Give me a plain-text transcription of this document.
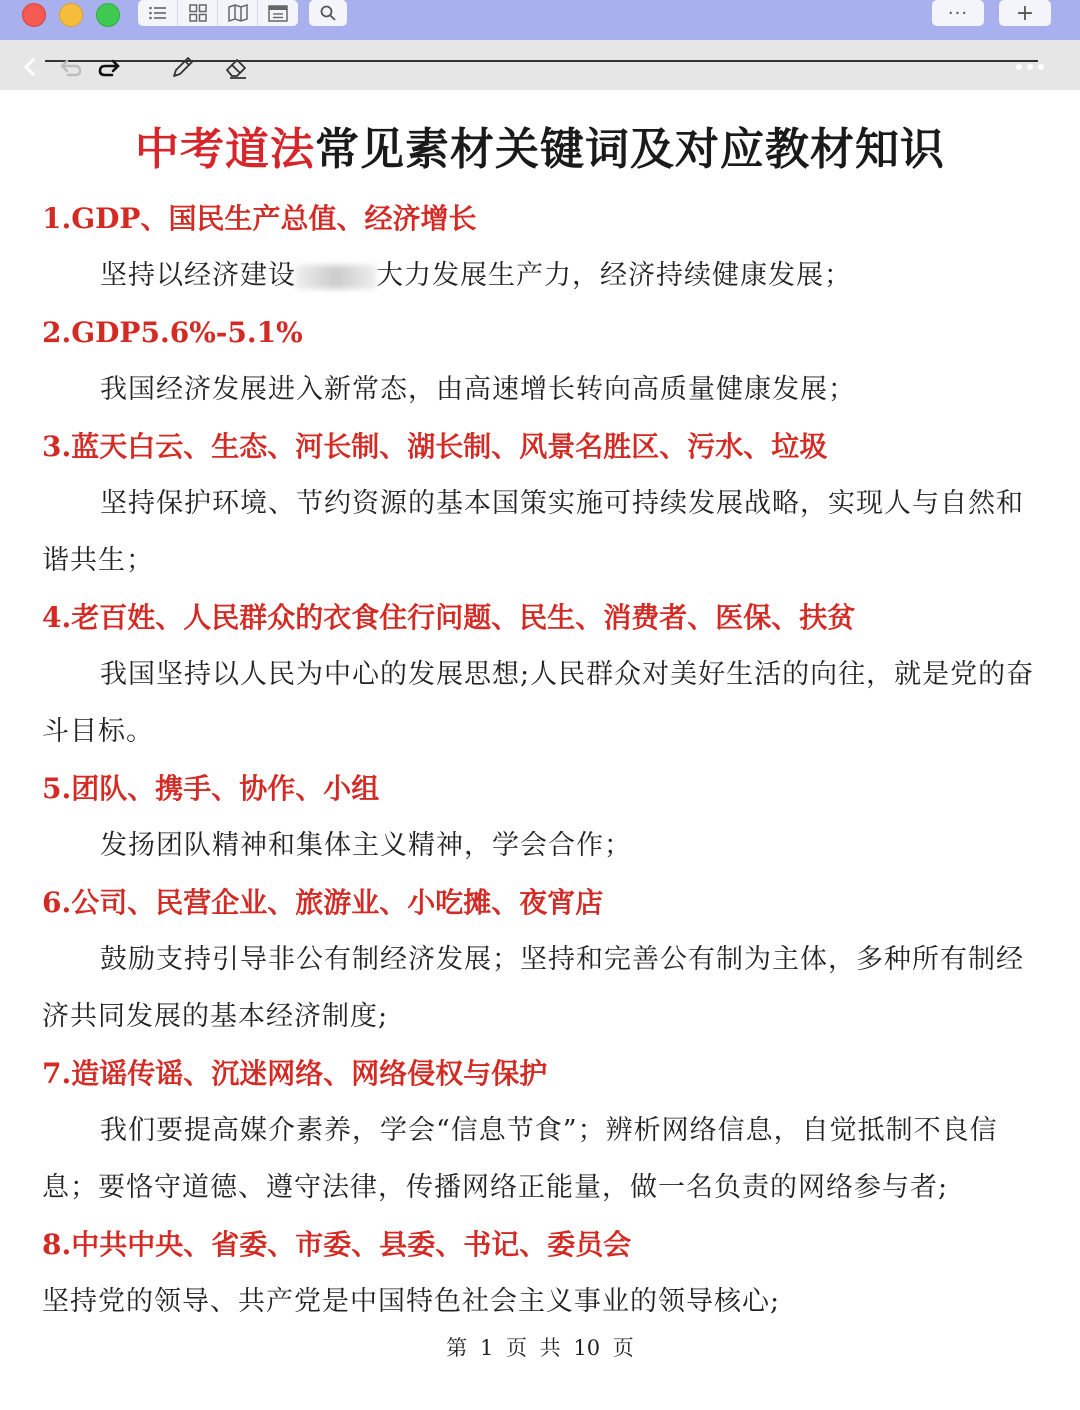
···	+
中考道法常见素材关键词及对应教材知识
1.GDP、国民生产总值、经济增长
坚持以经济建设	大力发展生产力，经济持续健康发展；
2.GDP5.6%-5.1%
我国经济发展进入新常态，由高速增长转向高质量健康发展；
3.蓝天白云、生态、河长制、湖长制、风景名胜区、污水、垃圾
坚持保护环境、节约资源的基本国策实施可持续发展战略，实现人与自然和谐共生；
4.老百姓、人民群众的衣食住行问题、民生、消费者、医保、扶贫
我国坚持以人民为中心的发展思想;人民群众对美好生活的向往，就是党的奋斗目标。
5.团队、携手、协作、小组
发扬团队精神和集体主义精神，学会合作；
6.公司、民营企业、旅游业、小吃摊、夜宵店
鼓励支持引导非公有制经济发展；坚持和完善公有制为主体，多种所有制经济共同发展的基本经济制度;
7.造谣传谣、沉迷网络、网络侵权与保护
我们要提高媒介素养，学会“信息节食”；辨析网络信息，自觉抵制不良信息；要恪守道德、遵守法律，传播网络正能量，做一名负责的网络参与者;
8.中共中央、省委、市委、县委、书记、委员会
坚持党的领导、共产党是中国特色社会主义事业的领导核心;
第 1 页 共 10 页
